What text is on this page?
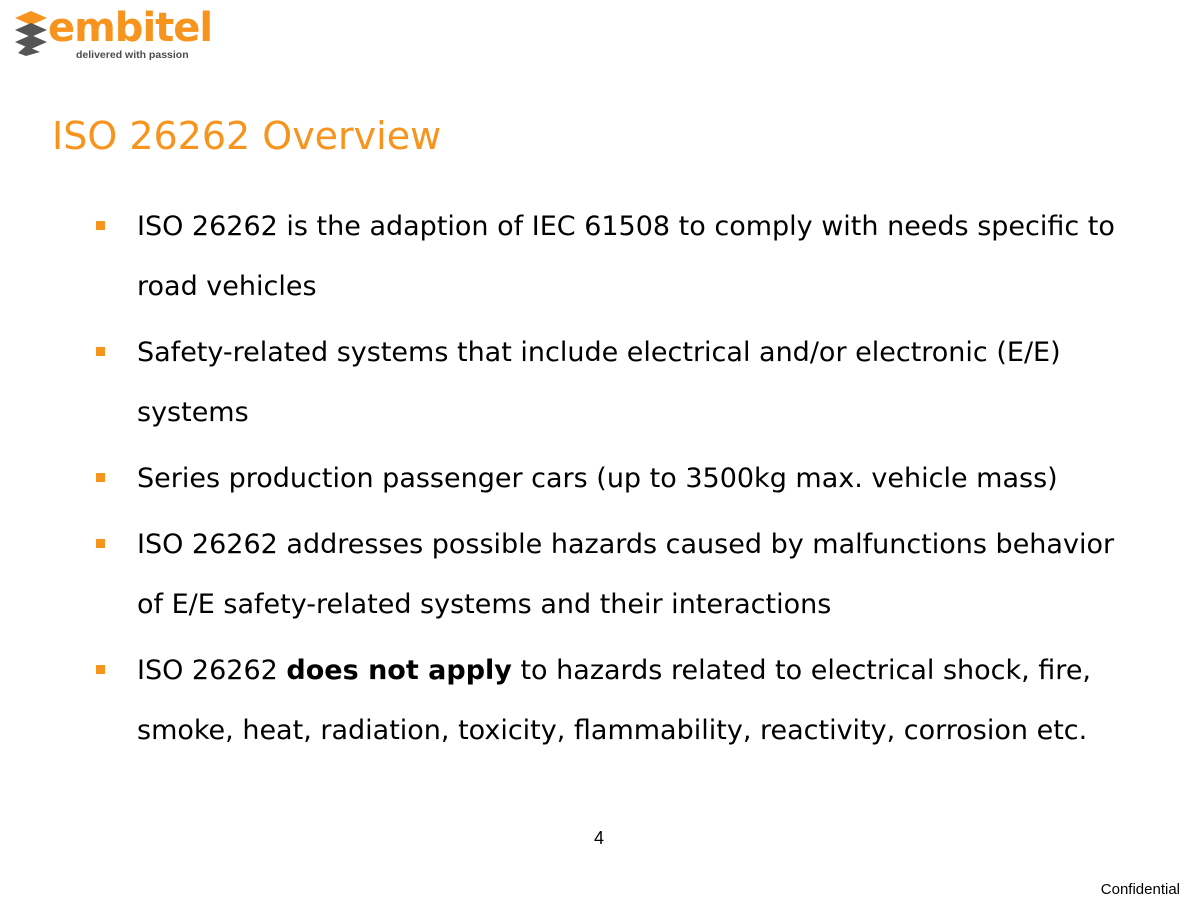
embitel
delivered with passion
ISO 26262 Overview
ISO 26262 is the adaption of IEC 61508 to comply with needs specific to road vehicles
Safety-related systems that include electrical and/or electronic (E/E) systems
Series production passenger cars (up to 3500kg max. vehicle mass)
ISO 26262 addresses possible hazards caused by malfunctions behavior of E/E safety-related systems and their interactions
ISO 26262 does not apply to hazards related to electrical shock, fire, smoke, heat, radiation, toxicity, flammability, reactivity, corrosion etc.
4
Confidential
